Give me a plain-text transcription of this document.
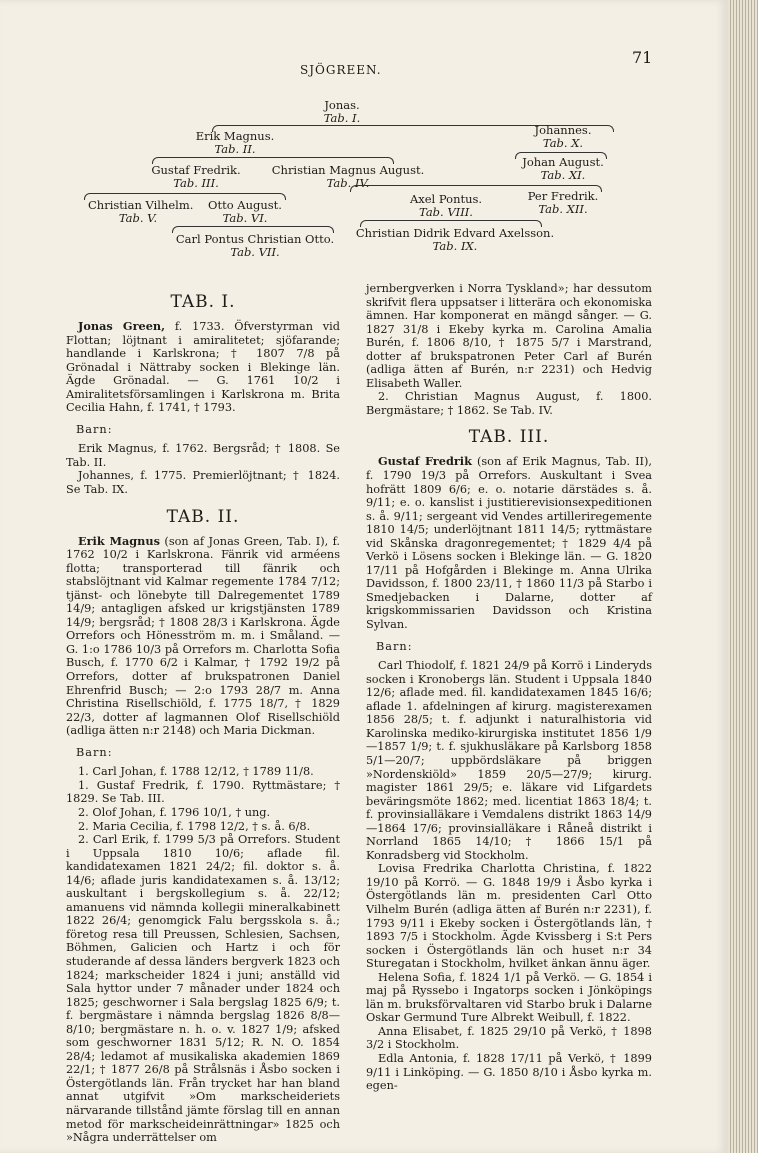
SJÖGREEN.
71
Jonas.
Tab. I.
Erik Magnus.
Tab. II.
Johannes.
Tab. X.
Gustaf Fredrik.
Tab. III.
Christian Magnus August.
Tab. IV.
Johan August.
Tab. XI.
Christian Vilhelm.
Tab. V.
Otto August.
Tab. VI.
Axel Pontus.
Tab. VIII.
Per Fredrik.
Tab. XII.
Carl Pontus Christian Otto.
Tab. VII.
Christian Didrik Edvard Axelsson.
Tab. IX.
TAB. I.

Jonas Green, f. 1733. Öfverstyrman vid Flottan; löjtnant i amiralitetet; sjöfarande; handlande i Karlskrona; † 1807 7/8 på Grönadal i Nättraby socken i Blekinge län. Ägde Grönadal. — G. 1761 10/2 i Amiralitetsförsamlingen i Karlskrona m. Brita Cecilia Hahn, f. 1741, † 1793.

Barn:

Erik Magnus, f. 1762. Bergsråd; † 1808. Se Tab. II.

Johannes, f. 1775. Premierlöjtnant; † 1824. Se Tab. IX.

TAB. II.

Erik Magnus (son af Jonas Green, Tab. I), f. 1762 10/2 i Karlskrona. Fänrik vid arméens flotta; transporterad till fänrik och stabslöjtnant vid Kalmar regemente 1784 7/12; tjänst- och lönebyte till Dalregementet 1789 14/9; antagligen afsked ur krigstjänsten 1789 14/9; bergsråd; † 1808 28/3 i Karlskrona. Ägde Orrefors och Hönesström m. m. i Småland. — G. 1:o 1786 10/3 på Orrefors m. Charlotta Sofia Busch, f. 1770 6/2 i Kalmar, † 1792 19/2 på Orrefors, dotter af brukspatronen Daniel Ehrenfrid Busch; — 2:o 1793 28/7 m. Anna Christina Risellschiöld, f. 1775 18/7, † 1829 22/3, dotter af lagmannen Olof Risellschiöld (adliga ätten n:r 2148) och Maria Dickman.

Barn:

1. Carl Johan, f. 1788 12/12, † 1789 11/8.

1. Gustaf Fredrik, f. 1790. Ryttmästare; † 1829. Se Tab. III.

2. Olof Johan, f. 1796 10/1, † ung.

2. Maria Cecilia, f. 1798 12/2, † s. å. 6/8.

2. Carl Erik, f. 1799 5/3 på Orrefors. Student i Uppsala 1810 10/6; aflade fil. kandidatexamen 1821 24/2; fil. doktor s. å. 14/6; aflade juris kandidatexamen s. å. 13/12; auskultant i bergskollegium s. å. 22/12; amanuens vid nämnda kollegii mineralkabinett 1822 26/4; genomgick Falu bergsskola s. å.; företog resa till Preussen, Schlesien, Sachsen, Böhmen, Galicien och Hartz i och för studerande af dessa länders bergverk 1823 och 1824; markscheider 1824 i juni; anställd vid Sala hyttor under 7 månader under 1824 och 1825; geschworner i Sala bergslag 1825 6/9; t. f. bergmästare i nämnda bergslag 1826 8/8—8/10; bergmästare n. h. o. v. 1827 1/9; afsked som geschworner 1831 5/12; R. N. O. 1854 28/4; ledamot af musikaliska akademien 1869 22/1; † 1877 26/8 på Strålsnäs i Åsbo socken i Östergötlands län. Från trycket har han bland annat utgifvit »Om markscheideriets närvarande tillstånd jämte förslag till en annan metod för markscheideinrättningar» 1825 och »Några underrättelser om

jernbergverken i Norra Tyskland»; har dessutom skrifvit flera uppsatser i litterära och ekonomiska ämnen. Har komponerat en mängd sånger. — G. 1827 31/8 i Ekeby kyrka m. Carolina Amalia Burén, f. 1806 8/10, † 1875 5/7 i Marstrand, dotter af brukspatronen Peter Carl af Burén (adliga ätten af Burén, n:r 2231) och Hedvig Elisabeth Waller.

2. Christian Magnus August, f. 1800. Bergmästare; † 1862. Se Tab. IV.

TAB. III.

Gustaf Fredrik (son af Erik Magnus, Tab. II), f. 1790 19/3 på Orrefors. Auskultant i Svea hofrätt 1809 6/6; e. o. notarie därstädes s. å. 9/11; e. o. kanslist i justitierevisionsexpeditionen s. å. 9/11; sergeant vid Vendes artilleriregemente 1810 14/5; underlöjtnant 1811 14/5; ryttmästare vid Skånska dragonregementet; † 1829 4/4 på Verkö i Lösens socken i Blekinge län. — G. 1820 17/11 på Hofgården i Blekinge m. Anna Ulrika Davidsson, f. 1800 23/11, † 1860 11/3 på Starbo i Smedjebacken i Dalarne, dotter af krigskommissarien Davidsson och Kristina Sylvan.

Barn:

Carl Thiodolf, f. 1821 24/9 på Korrö i Linderyds socken i Kronobergs län. Student i Uppsala 1840 12/6; aflade med. fil. kandidatexamen 1845 16/6; aflade 1. afdelningen af kirurg. magisterexamen 1856 28/5; t. f. adjunkt i naturalhistoria vid Karolinska mediko-kirurgiska institutet 1856 1/9—1857 1/9; t. f. sjukhusläkare på Karlsborg 1858 5/1—20/7; uppbördsläkare på briggen »Nordenskiöld» 1859 20/5—27/9; kirurg. magister 1861 29/5; e. läkare vid Lifgardets beväringsmöte 1862; med. licentiat 1863 18/4; t. f. provinsialläkare i Vemdalens distrikt 1863 14/9—1864 17/6; provinsialläkare i Råneå distrikt i Norrland 1865 14/10; † 1866 15/1 på Konradsberg vid Stockholm.

Lovisa Fredrika Charlotta Christina, f. 1822 19/10 på Korrö. — G. 1848 19/9 i Åsbo kyrka i Östergötlands län m. presidenten Carl Otto Vilhelm Burén (adliga ätten af Burén n:r 2231), f. 1793 9/11 i Ekeby socken i Östergötlands län, † 1893 7/5 i Stockholm. Ägde Kvissberg i S:t Pers socken i Östergötlands län och huset n:r 34 Sturegatan i Stockholm, hvilket änkan ännu äger.

Helena Sofia, f. 1824 1/1 på Verkö. — G. 1854 i maj på Ryssebo i Ingatorps socken i Jönköpings län m. bruksförvaltaren vid Starbo bruk i Dalarne Oskar Germund Ture Albrekt Weibull, f. 1822.

Anna Elisabet, f. 1825 29/10 på Verkö, † 1898 3/2 i Stockholm.

Edla Antonia, f. 1828 17/11 på Verkö, † 1899 9/11 i Linköping. — G. 1850 8/10 i Åsbo kyrka m. egen-
